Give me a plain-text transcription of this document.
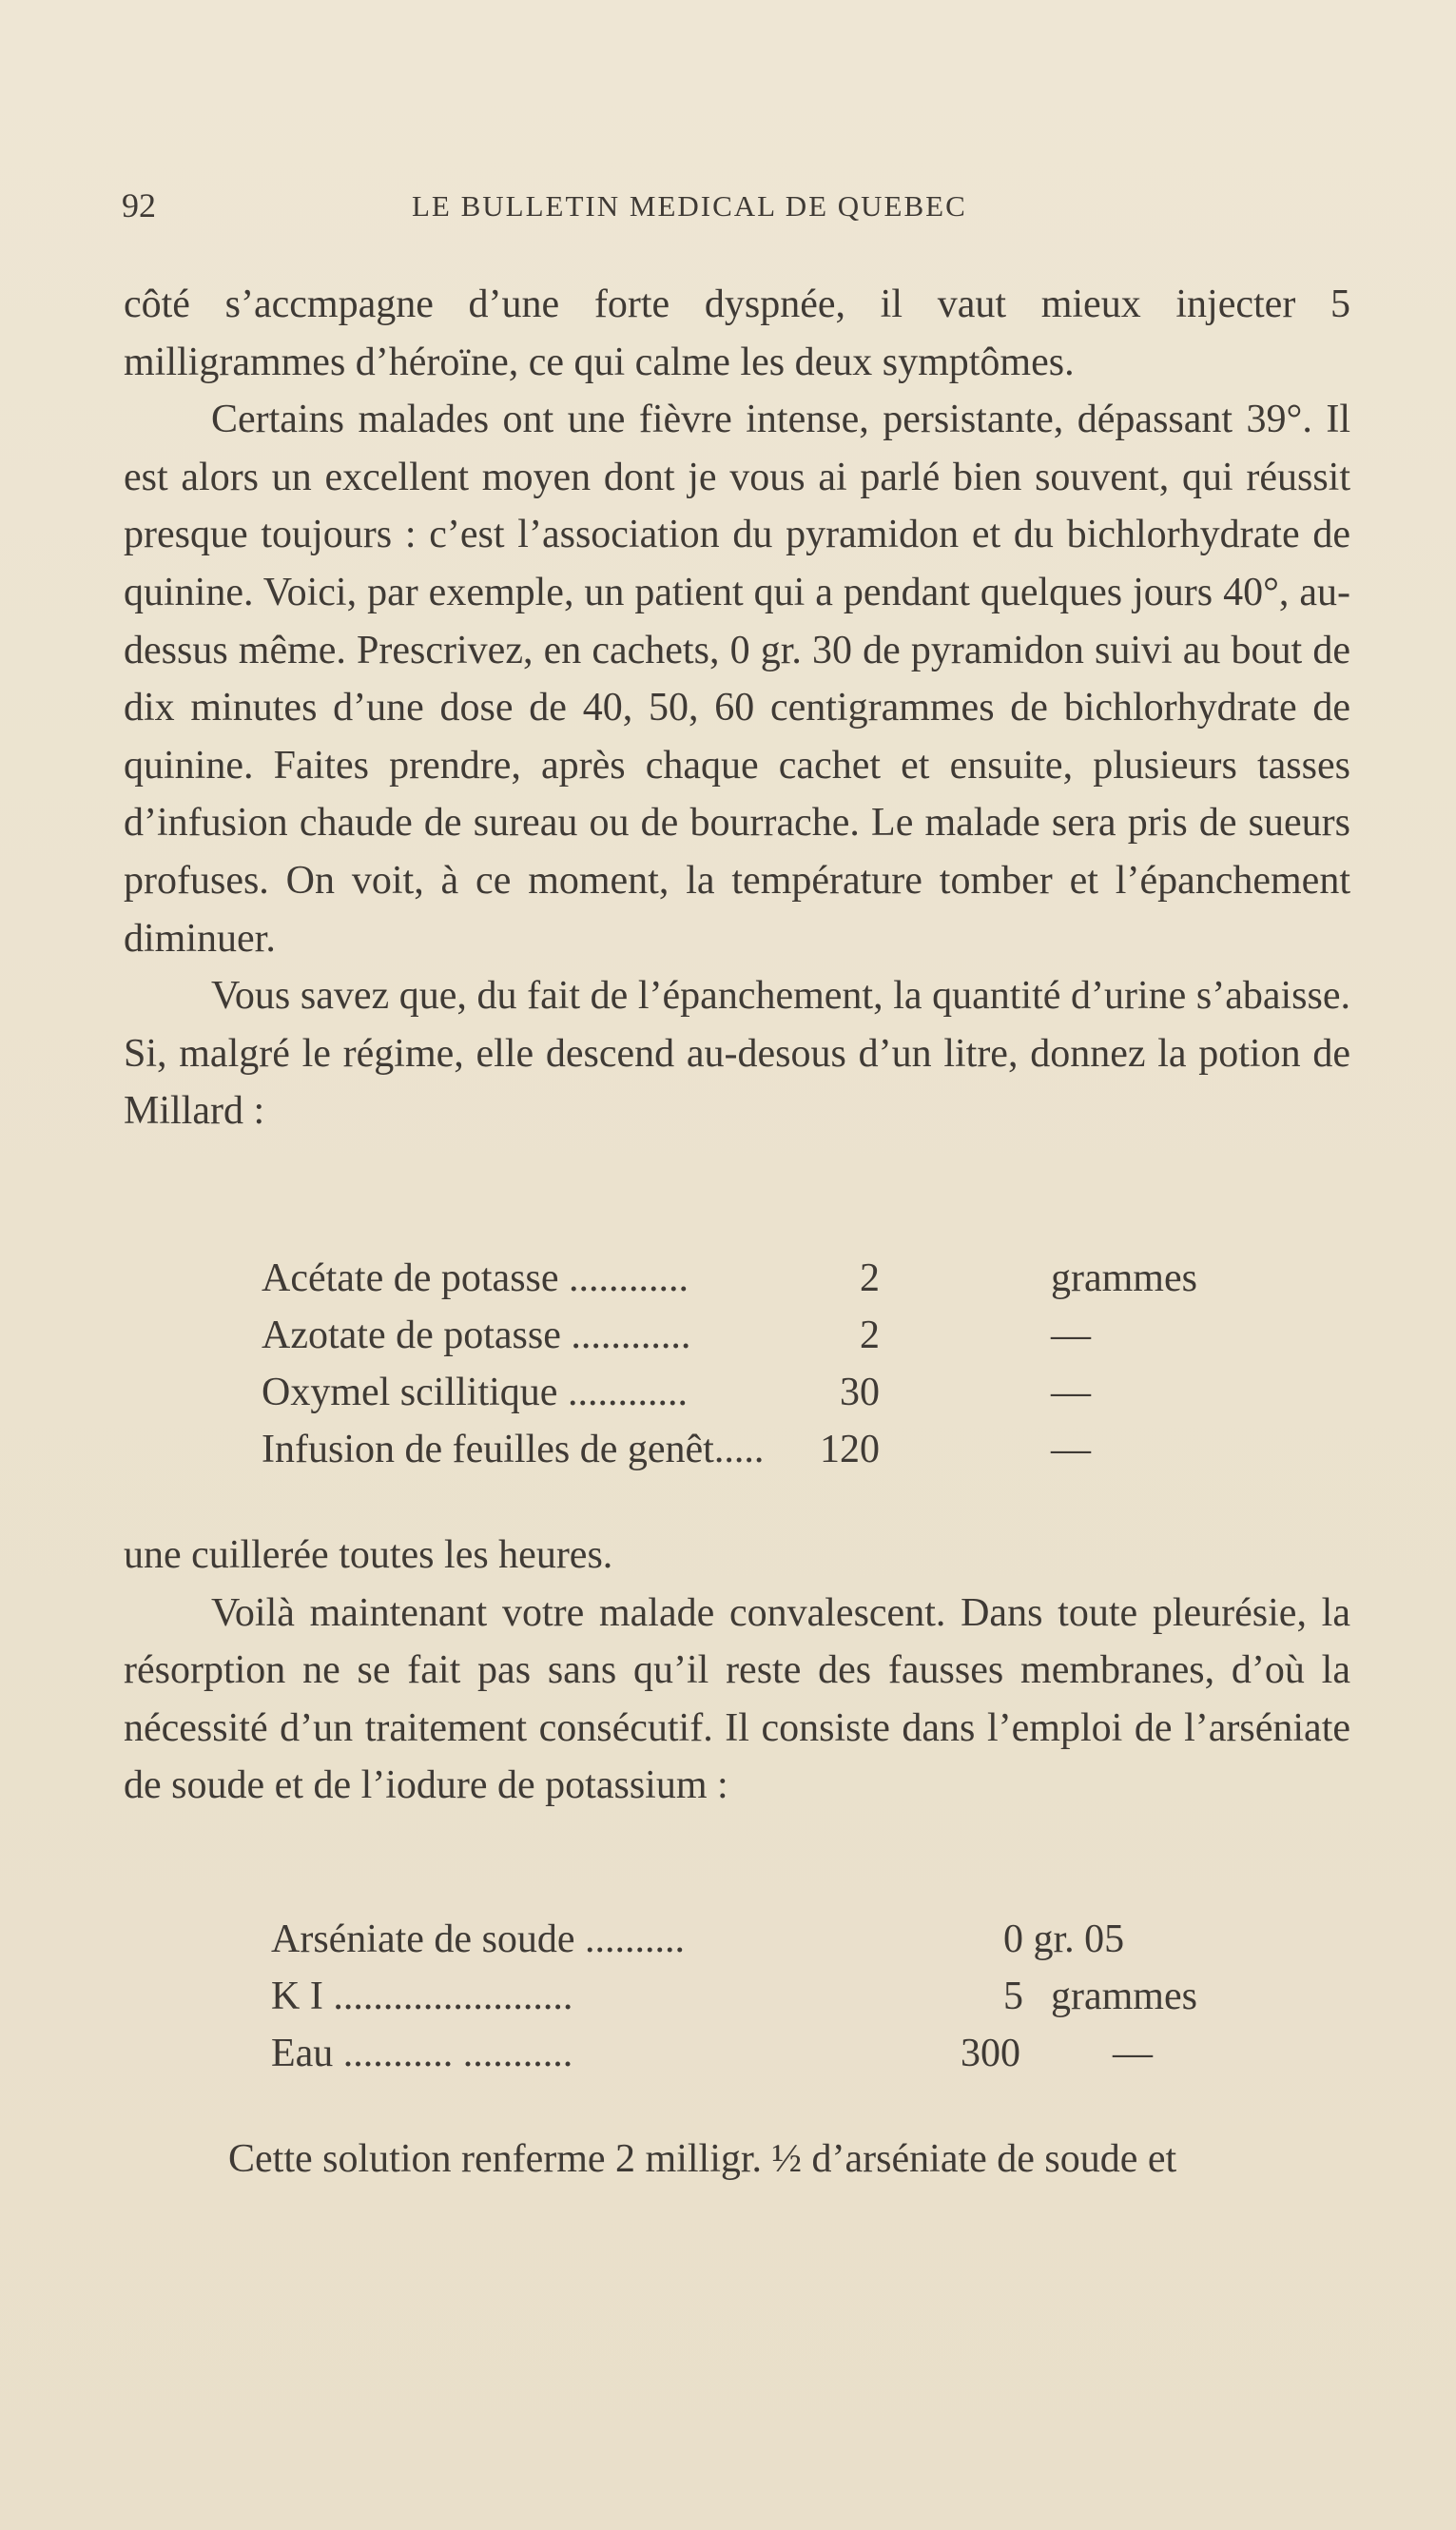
92	LE BULLETIN MEDICAL DE QUEBEC

côté s’accmpagne d’une forte dyspnée, il vaut mieux injecter 5 milligrammes d’héroïne, ce qui calme les deux symptômes.

Certains malades ont une fièvre intense, persistante, dépassant 39°. Il est alors un excellent moyen dont je vous ai parlé bien souvent, qui réussit presque toujours : c’est l’association du pyramidon et du bichlorhydrate de quinine. Voici, par exemple, un patient qui a pendant quelques jours 40°, au-dessus même. Prescrivez, en cachets, 0 gr. 30 de pyramidon suivi au bout de dix minutes d’une dose de 40, 50, 60 centigrammes de bichlorhydrate de quinine. Faites prendre, après chaque cachet et ensuite, plusieurs tasses d’infusion chaude de sureau ou de bourrache. Le malade sera pris de sueurs profuses. On voit, à ce moment, la température tomber et l’épanchement diminuer.

Vous savez que, du fait de l’épanchement, la quantité d’urine s’abaisse. Si, malgré le régime, elle descend au-desous d’un litre, donnez la potion de Millard :

Acétate de potasse ............	2	grammes
Azotate de potasse ............	2	—
Oxymel scillitique ............	30	—
Infusion de feuilles de genêt..... 120	—

une cuillerée toutes les heures.

Voilà maintenant votre malade convalescent. Dans toute pleurésie, la résorption ne se fait pas sans qu’il reste des fausses membranes, d’où la nécessité d’un traitement consécutif. Il consiste dans l’emploi de l’arséniate de soude et de l’iodure de potassium :

Arséniate de soude ..........	0 gr. 05
K I ........................	5 grammes
Eau ........... ...........	300 —

Cette solution renferme 2 milligr. ½ d’arséniate de soude et
